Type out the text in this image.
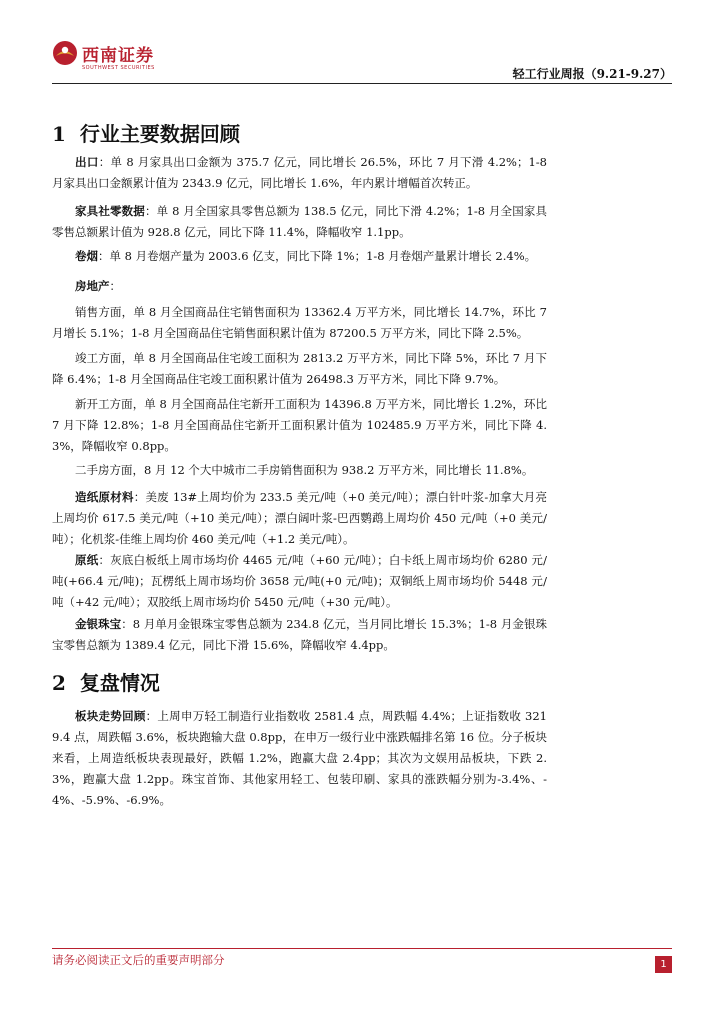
西南证券
SOUTHWEST SECURITIES	轻工行业周报（9.21-9.27）
1 行业主要数据回顾

出口：单 8 月家具出口金额为 375.7 亿元，同比增长 26.5%，环比 7 月下滑 4.2%；1-8 月家具出口金额累计值为 2343.9 亿元，同比增长 1.6%，年内累计增幅首次转正。

家具社零数据：单 8 月全国家具零售总额为 138.5 亿元，同比下滑 4.2%；1-8 月全国家具零售总额累计值为 928.8 亿元，同比下降 11.4%，降幅收窄 1.1pp。

卷烟：单 8 月卷烟产量为 2003.6 亿支，同比下降 1%；1-8 月卷烟产量累计增长 2.4%。

房地产：

销售方面，单 8 月全国商品住宅销售面积为 13362.4 万平方米，同比增长 14.7%，环比 7 月增长 5.1%；1-8 月全国商品住宅销售面积累计值为 87200.5 万平方米，同比下降 2.5%。

竣工方面，单 8 月全国商品住宅竣工面积为 2813.2 万平方米，同比下降 5%，环比 7 月下降 6.4%；1-8 月全国商品住宅竣工面积累计值为 26498.3 万平方米，同比下降 9.7%。

新开工方面，单 8 月全国商品住宅新开工面积为 14396.8 万平方米，同比增长 1.2%，环比 7 月下降 12.8%；1-8 月全国商品住宅新开工面积累计值为 102485.9 万平方米，同比下降 4.3%，降幅收窄 0.8pp。

二手房方面，8 月 12 个大中城市二手房销售面积为 938.2 万平方米，同比增长 11.8%。

造纸原材料：美废 13#上周均价为 233.5 美元/吨（+0 美元/吨）；漂白针叶浆-加拿大月亮上周均价 617.5 美元/吨（+10 美元/吨）；漂白阔叶浆-巴西鹦鹉上周均价 450 元/吨（+0 美元/吨）；化机浆-佳维上周均价 460 美元/吨（+1.2 美元/吨）。

原纸：灰底白板纸上周市场均价 4465 元/吨（+60 元/吨）；白卡纸上周市场均价 6280 元/吨(+66.4 元/吨)；瓦楞纸上周市场均价 3658 元/吨(+0 元/吨)；双铜纸上周市场均价 5448 元/吨（+42 元/吨）；双胶纸上周市场均价 5450 元/吨（+30 元/吨）。

金银珠宝：8 月单月金银珠宝零售总额为 234.8 亿元，当月同比增长 15.3%；1-8 月金银珠宝零售总额为 1389.4 亿元，同比下滑 15.6%，降幅收窄 4.4pp。

2 复盘情况

板块走势回顾：上周申万轻工制造行业指数收 2581.4 点，周跌幅 4.4%；上证指数收 3219.4 点，周跌幅 3.6%，板块跑输大盘 0.8pp，在申万一级行业中涨跌幅排名第 16 位。分子板块来看，上周造纸板块表现最好，跌幅 1.2%，跑赢大盘 2.4pp；其次为文娱用品板块，下跌 2.3%，跑赢大盘 1.2pp。珠宝首饰、其他家用轻工、包装印刷、家具的涨跌幅分别为-3.4%、-4%、-5.9%、-6.9%。

请务必阅读正文后的重要声明部分	1
